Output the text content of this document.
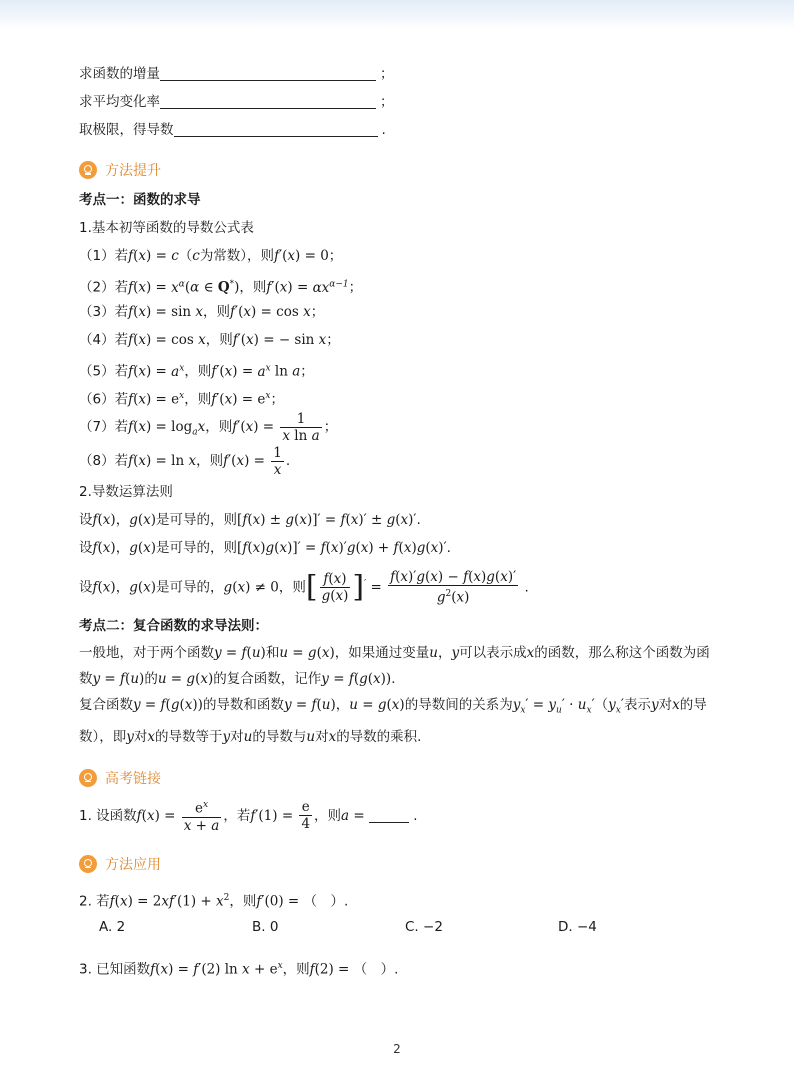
求函数的增量	；
求平均变化率	；
取极限，得导数	.
方法提升
考点一：函数的求导
1.基本初等函数的导数公式表
（1）若f(x) = c（c为常数），则f′(x) = 0；
（2）若$f(x) = x^\alpha(\alpha$ ∈ Q*)，则$f'(x) = \alpha x^{\alpha-1}$；
（3）若f(x) = sin x，则f′(x) = cos x；
（4）若f(x) = cos x，则f′(x) = − sin x；
（5）若$f(x) = a^x$，则$f'(x) = a^x$ ln a；
（6）若$f(x) = e^x$，则$f'(x) = e^x$；
（7）若$f(x) = \log_ax$，则$f'(x) = \frac{1}{\text{x ln a}}$ ；
（8）若f(x) = ln x，则$f'(x) = \frac{1}{x}$ .
2.导数运算法则
设f(x)，g(x)是可导的，则[f(x) ± g(x)]′ = f(x)′ ± g(x)′.
设f(x)，g(x)是可导的，则[f(x)g(x)]′ = f(x)′g(x) + f(x)g(x)′.
设f(x)，g(x)是可导的，g(x) ≠ 0，则[ $\frac{f(x)}{g(x)} ]' = \frac{f(x)'g(x) - f(x)g(x)'}{g^2(x)}$ .
考点二：复合函数的求导法则：
一般地，对于两个函数y = f(u)和u = g(x)，如果通过变量u，y可以表示成x的函数，那么称这个函数为函数y = f(u)的u = g(x)的复合函数，记作y = f(g(x)).
复合函数y = f(g(x))的导数和函数y = f(u)，u = g(x)的导数间的关系为$y_x' = y_u' \cdot u_x'(y_x'$表示y对x的导数），即y对x的导数等于y对u的导数与u对x的导数的乘积.
高考链接
1. 设函数$f(x) = \frac{e^x}{x + a}$ ，若$f'(1) = \frac{e}{4}$ ，则a =	.
方法应用
2. 若$f(x) = 2xf'(1) + x^2$，则f′(0) = （　）.
A. 2	B. 0	C. −2	D. −4
3. 已知函数f(x) = f′(2) $\ln x + e^x$，则f(2) = （　）.
2
